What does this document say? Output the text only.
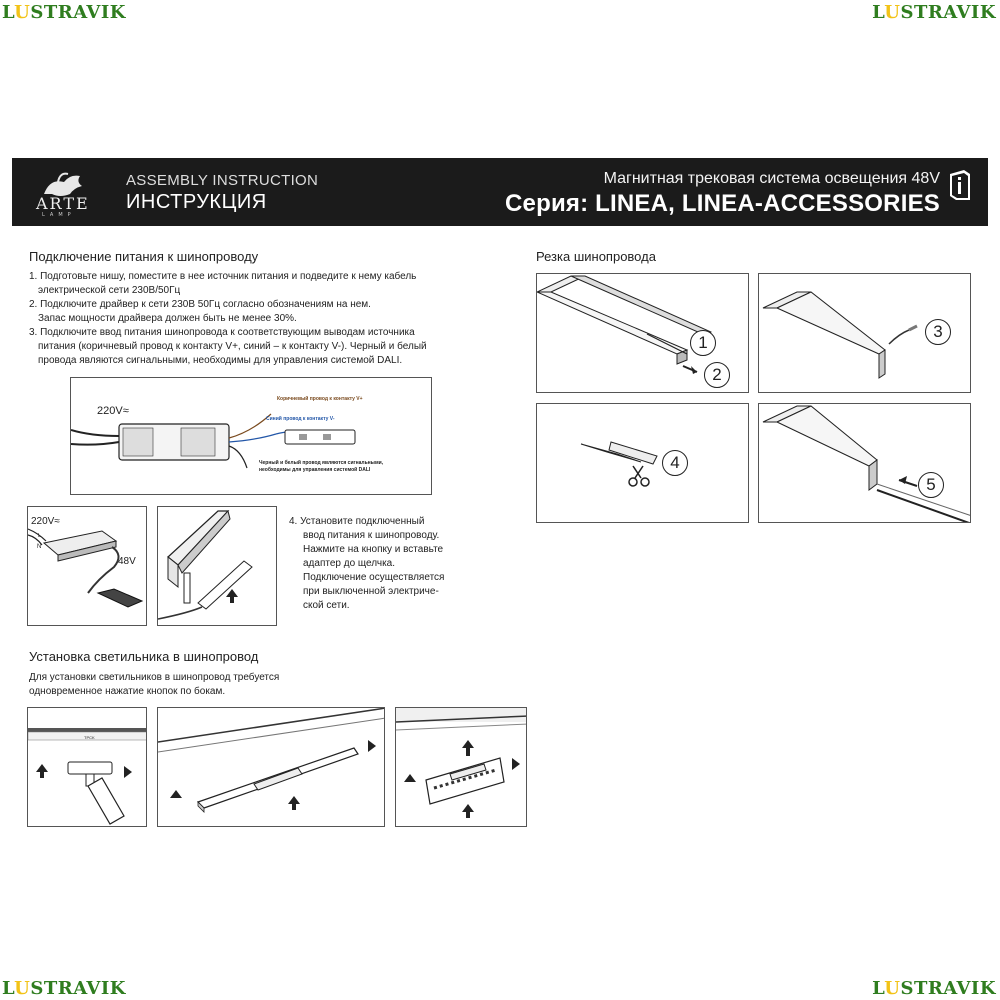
LUSTRAVIK	LUSTRAVIK
LUSTRAVIK	LUSTRAVIK
ARTE
LAMP
ASSEMBLY INSTRUCTION
ИНСТРУКЦИЯ
Магнитная трековая система освещения 48V
Серия: LINEA, LINEA-ACCESSORIES
Подключение питания к шинопроводу

1. Подготовьте нишу, поместите в нее источник питания и подведите к нему кабель

электрической сети 230В/50Гц

2. Подключите драйвер к сети 230В 50Гц согласно обозначениям на нем.

Запас мощности драйвера должен быть не менее 30%.

3. Подключите ввод питания шинопровода к соответствующим выводам источника

питания (коричневый провод к контакту V+, синий – к контакту V-). Черный и белый

провода являются сигнальными, необходимы для управления системой DALI.

220V≈
Коричневый провод к контакту V+
Синий провод к контакту V-
Черный и белый провод являются сигнальными,
необходимы для управления системой DALI
220V≈
48V
L
N

4. Установите подключенный

ввод питания к шинопроводу.

Нажмите на кнопку и вставьте

адаптер до щелчка.

Подключение осуществляется

при выключенной электриче-

ской сети.

Установка светильника в шинопровод

Для установки светильников в шинопровод требуется

одновременное нажатие кнопок по бокам.

TPCK
Резка шинопровода
1
2
3
4
5
